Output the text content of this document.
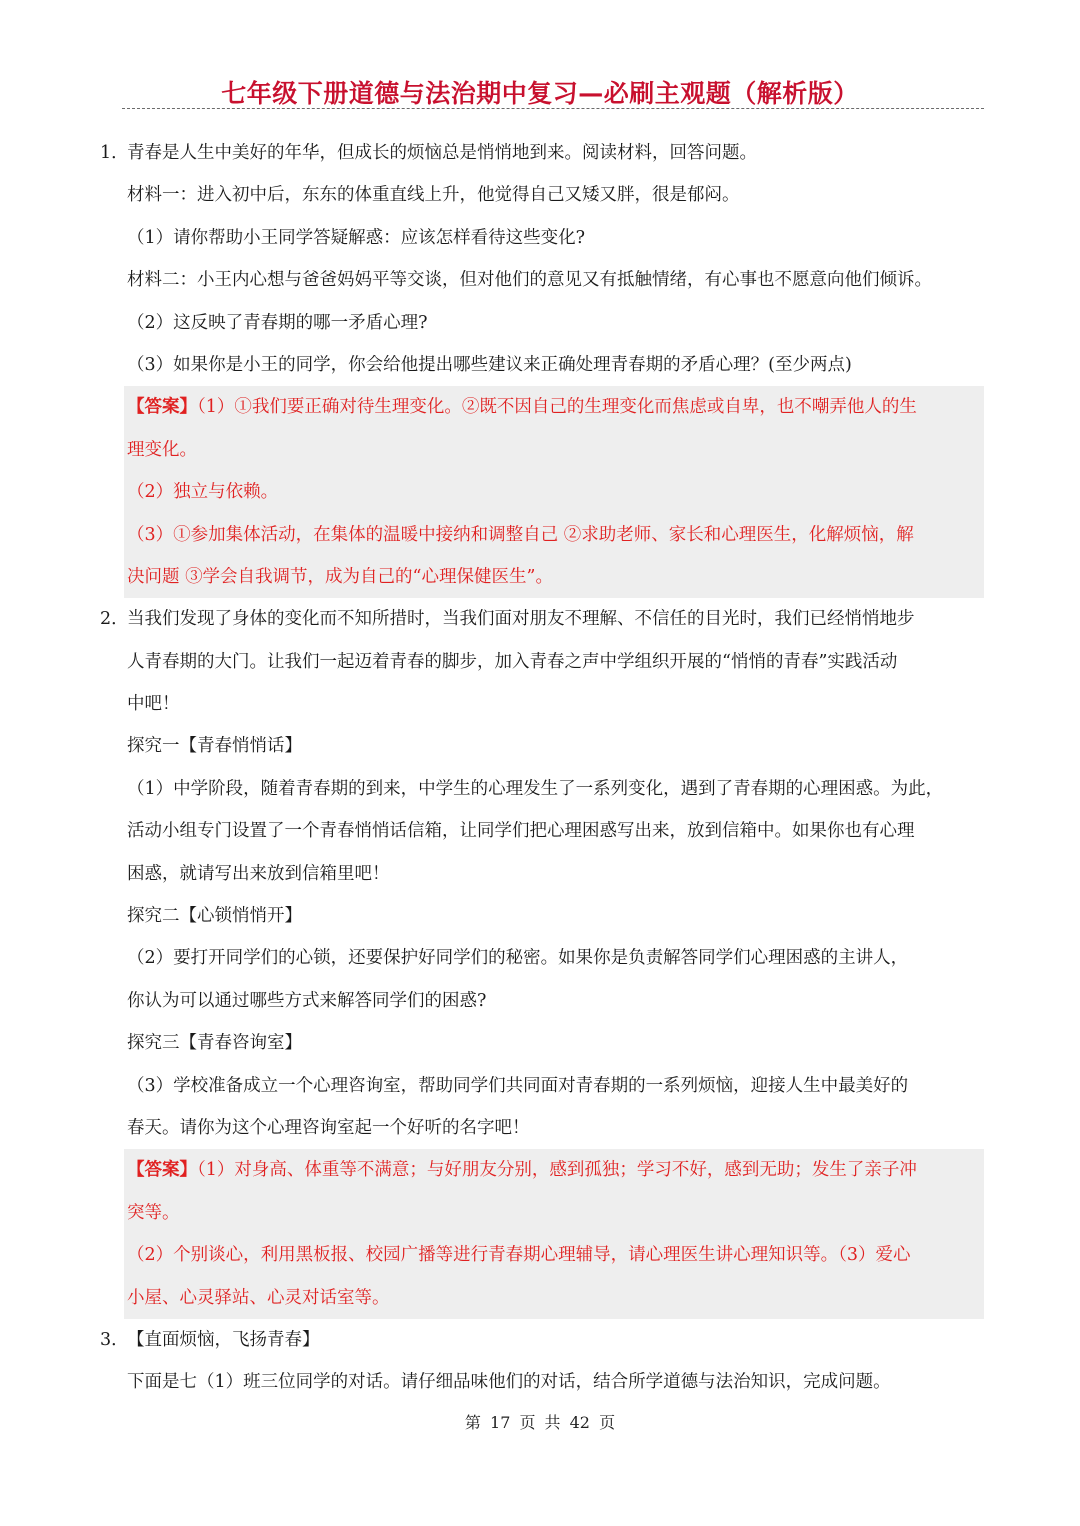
七年级下册道德与法治期中复习—必刷主观题（解析版）
1．青春是人生中美好的年华，但成长的烦恼总是悄悄地到来。阅读材料，回答问题。
材料一：进入初中后，东东的体重直线上升，他觉得自己又矮又胖，很是郁闷。
（1）请你帮助小王同学答疑解惑：应该怎样看待这些变化?
材料二：小王内心想与爸爸妈妈平等交谈，但对他们的意见又有抵触情绪，有心事也不愿意向他们倾诉。
（2）这反映了青春期的哪一矛盾心理?
（3）如果你是小王的同学，你会给他提出哪些建议来正确处理青春期的矛盾心理？(至少两点)
【答案】（1）①我们要正确对待生理变化。②既不因自己的生理变化而焦虑或自卑，也不嘲弄他人的生
理变化。
（2）独立与依赖。
（3）①参加集体活动，在集体的温暖中接纳和调整自己 ②求助老师、家长和心理医生，化解烦恼，解
决问题 ③学会自我调节，成为自己的“心理保健医生”。
2．当我们发现了身体的变化而不知所措时，当我们面对朋友不理解、不信任的目光时，我们已经悄悄地步
人青春期的大门。让我们一起迈着青春的脚步，加入青春之声中学组织开展的“悄悄的青春”实践活动
中吧！
探究一【青春悄悄话】
（1）中学阶段，随着青春期的到来，中学生的心理发生了一系列变化，遇到了青春期的心理困惑。为此，
活动小组专门设置了一个青春悄悄话信箱，让同学们把心理困惑写出来，放到信箱中。如果你也有心理
困惑，就请写出来放到信箱里吧！
探究二【心锁悄悄开】
（2）要打开同学们的心锁，还要保护好同学们的秘密。如果你是负责解答同学们心理困惑的主讲人，
你认为可以通过哪些方式来解答同学们的困惑?
探究三【青春咨询室】
（3）学校准备成立一个心理咨询室，帮助同学们共同面对青春期的一系列烦恼，迎接人生中最美好的
春天。请你为这个心理咨询室起一个好听的名字吧！
【答案】（1）对身高、体重等不满意；与好朋友分别，感到孤独；学习不好，感到无助；发生了亲子冲
突等。
（2）个别谈心，利用黑板报、校园广播等进行青春期心理辅导，请心理医生讲心理知识等。（3）爱心
小屋、心灵驿站、心灵对话室等。
3．【直面烦恼，飞扬青春】
下面是七（1）班三位同学的对话。请仔细品味他们的对话，结合所学道德与法治知识，完成问题。
第 17 页 共 42 页
